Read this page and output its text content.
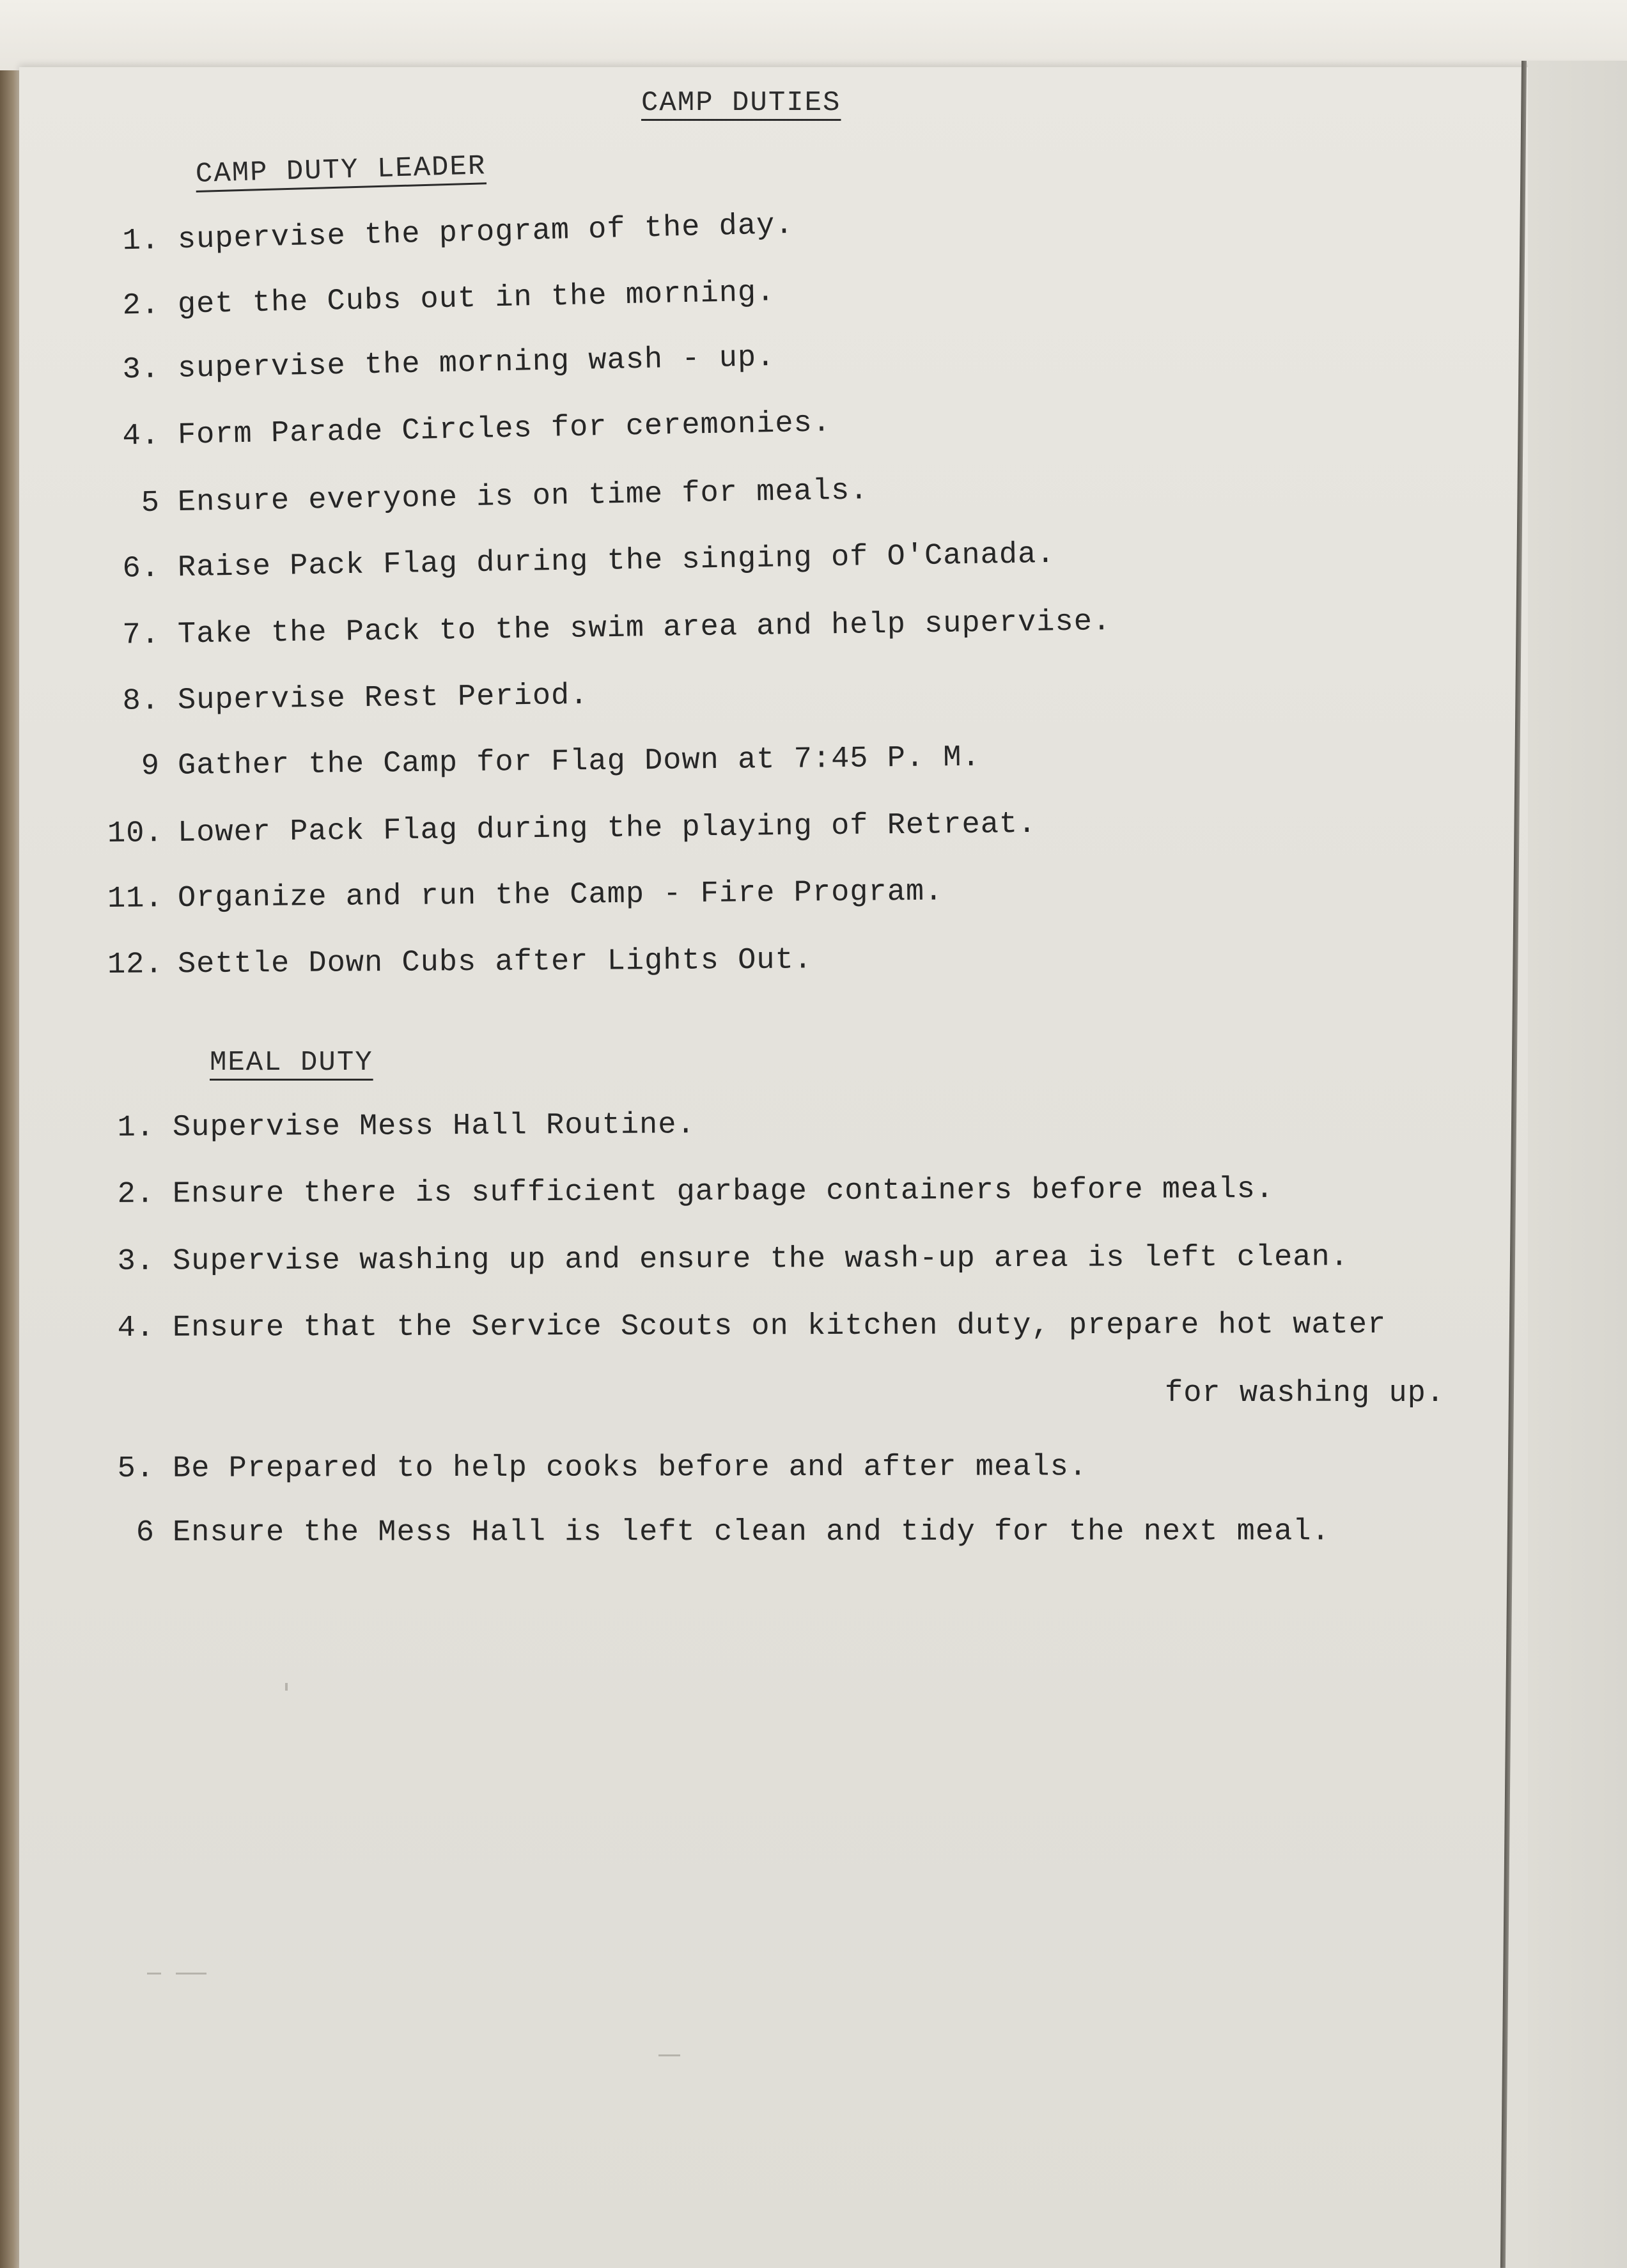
CAMP DUTIES
CAMP DUTY LEADER
1. supervise the program of the day.
2. get the Cubs out in the morning.
3. supervise the morning wash - up.
4. Form Parade Circles for ceremonies.
5 Ensure everyone is on time for meals.
6. Raise Pack Flag during the singing of O'Canada.
7. Take the Pack to the swim area and help supervise.
8. Supervise Rest Period.
9 Gather the Camp for Flag Down at 7:45 P. M.
10. Lower Pack Flag during the playing of Retreat.
11. Organize and run the Camp - Fire Program.
12. Settle Down Cubs after Lights Out.
MEAL DUTY
1. Supervise Mess Hall Routine.
2. Ensure there is sufficient garbage containers before meals.
3. Supervise washing up and ensure the wash-up area is left clean.
4. Ensure that the Service Scouts on kitchen duty, prepare hot water
for washing up.
5. Be Prepared to help cooks before and after meals.
6 Ensure the Mess Hall is left clean and tidy for the next meal.
